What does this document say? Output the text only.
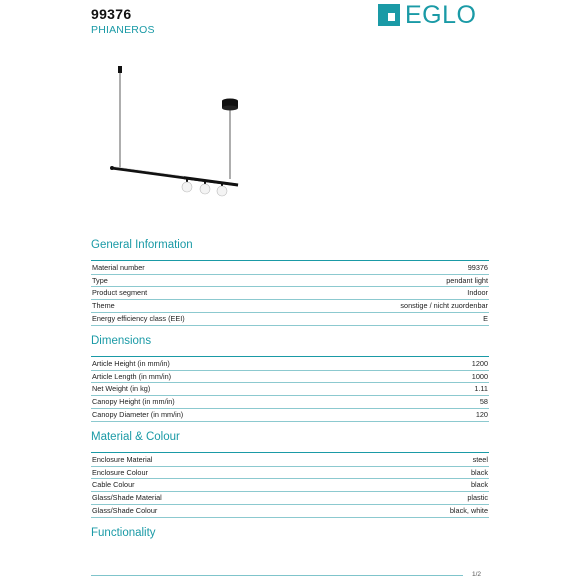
99376
PHIANEROS
EGLO
General Information
Material number	99376
Type	pendant light
Product segment	Indoor
Theme	sonstige / nicht zuordenbar
Energy efficiency class (EEI)	E
Dimensions
Article Height (in mm/in)	1200
Article Length (in mm/in)	1000
Net Weight (in kg)	1.11
Canopy Height (in mm/in)	58
Canopy Diameter (in mm/in)	120
Material & Colour
Enclosure Material	steel
Enclosure Colour	black
Cable Colour	black
Glass/Shade Material	plastic
Glass/Shade Colour	black, white
Functionality
1/2
